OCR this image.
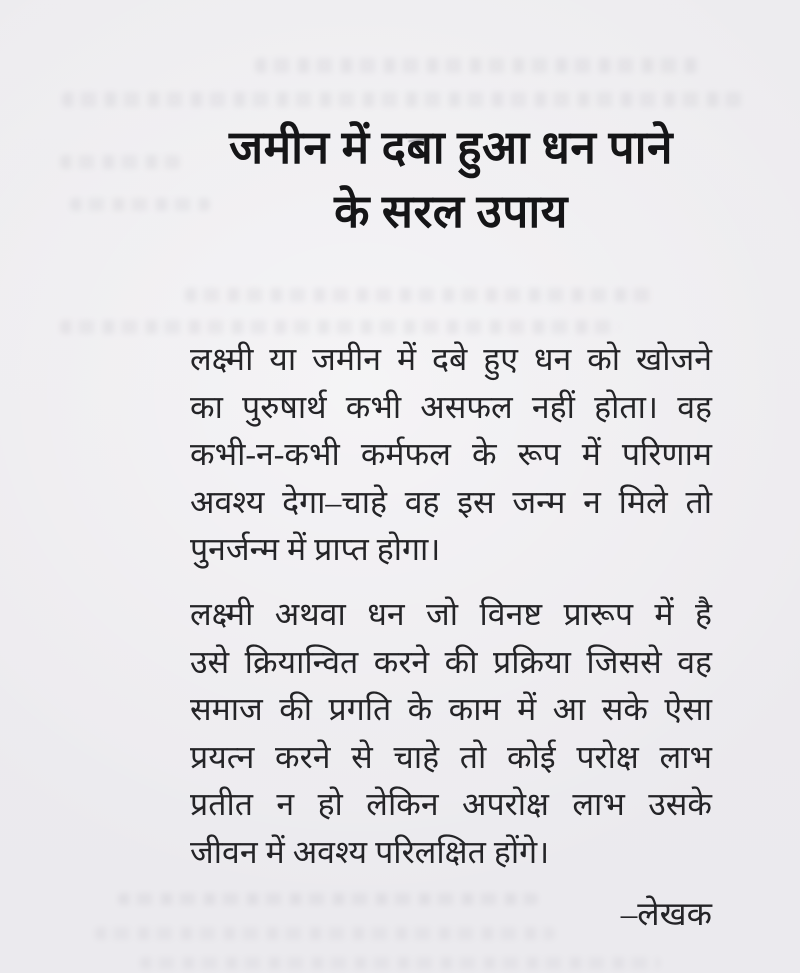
जमीन में दबा हुआ धन पाने
के सरल उपाय
लक्ष्मी या जमीन में दबे हुए धन को खोजने
का पुरुषार्थ कभी असफल नहीं होता। वह
कभी-न-कभी कर्मफल के रूप में परिणाम
अवश्य देगा–चाहे वह इस जन्म न मिले तो
पुनर्जन्म में प्राप्त होगा।
लक्ष्मी अथवा धन जो विनष्ट प्रारूप में है
उसे क्रियान्वित करने की प्रक्रिया जिससे वह
समाज की प्रगति के काम में आ सके ऐसा
प्रयत्न करने से चाहे तो कोई परोक्ष लाभ
प्रतीत न हो लेकिन अपरोक्ष लाभ उसके
जीवन में अवश्य परिलक्षित होंगे।
–लेखक
